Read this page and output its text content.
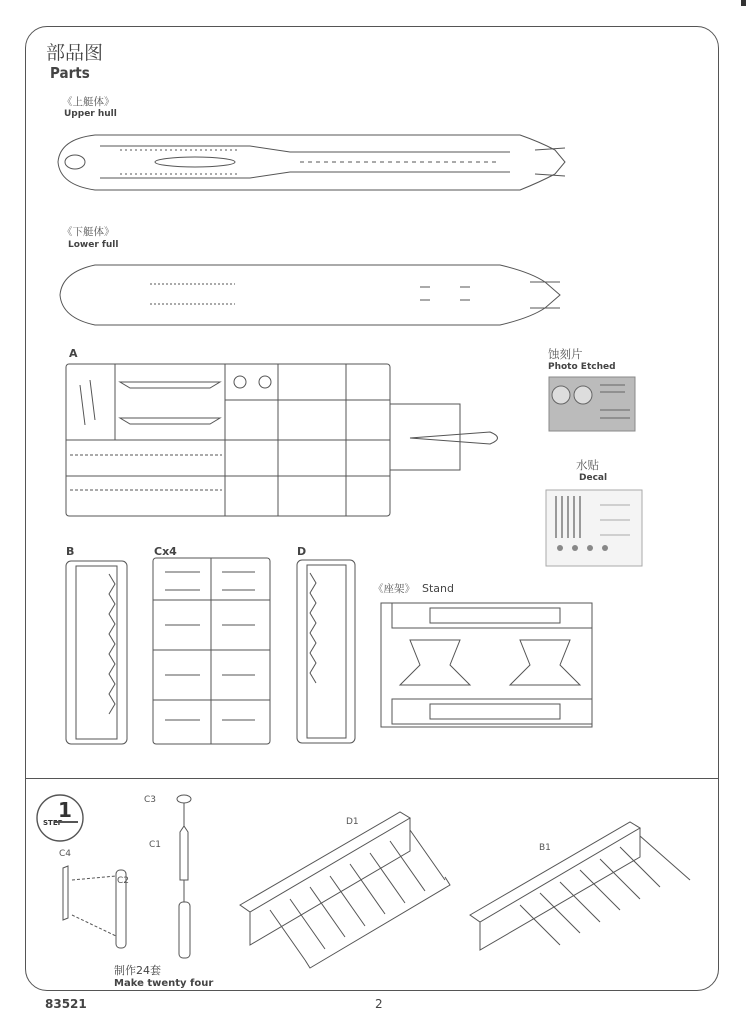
部品图
Parts
《上艇体》
Upper hull
《下艇体》
Lower full
A
B	Cx4	D
《座架》 Stand
蚀刻片
Photo Etched
水贴
Decal
STEP
1	C3
C1
C4
C2
D1
B1
制作24套
Make twenty four
83521	2
